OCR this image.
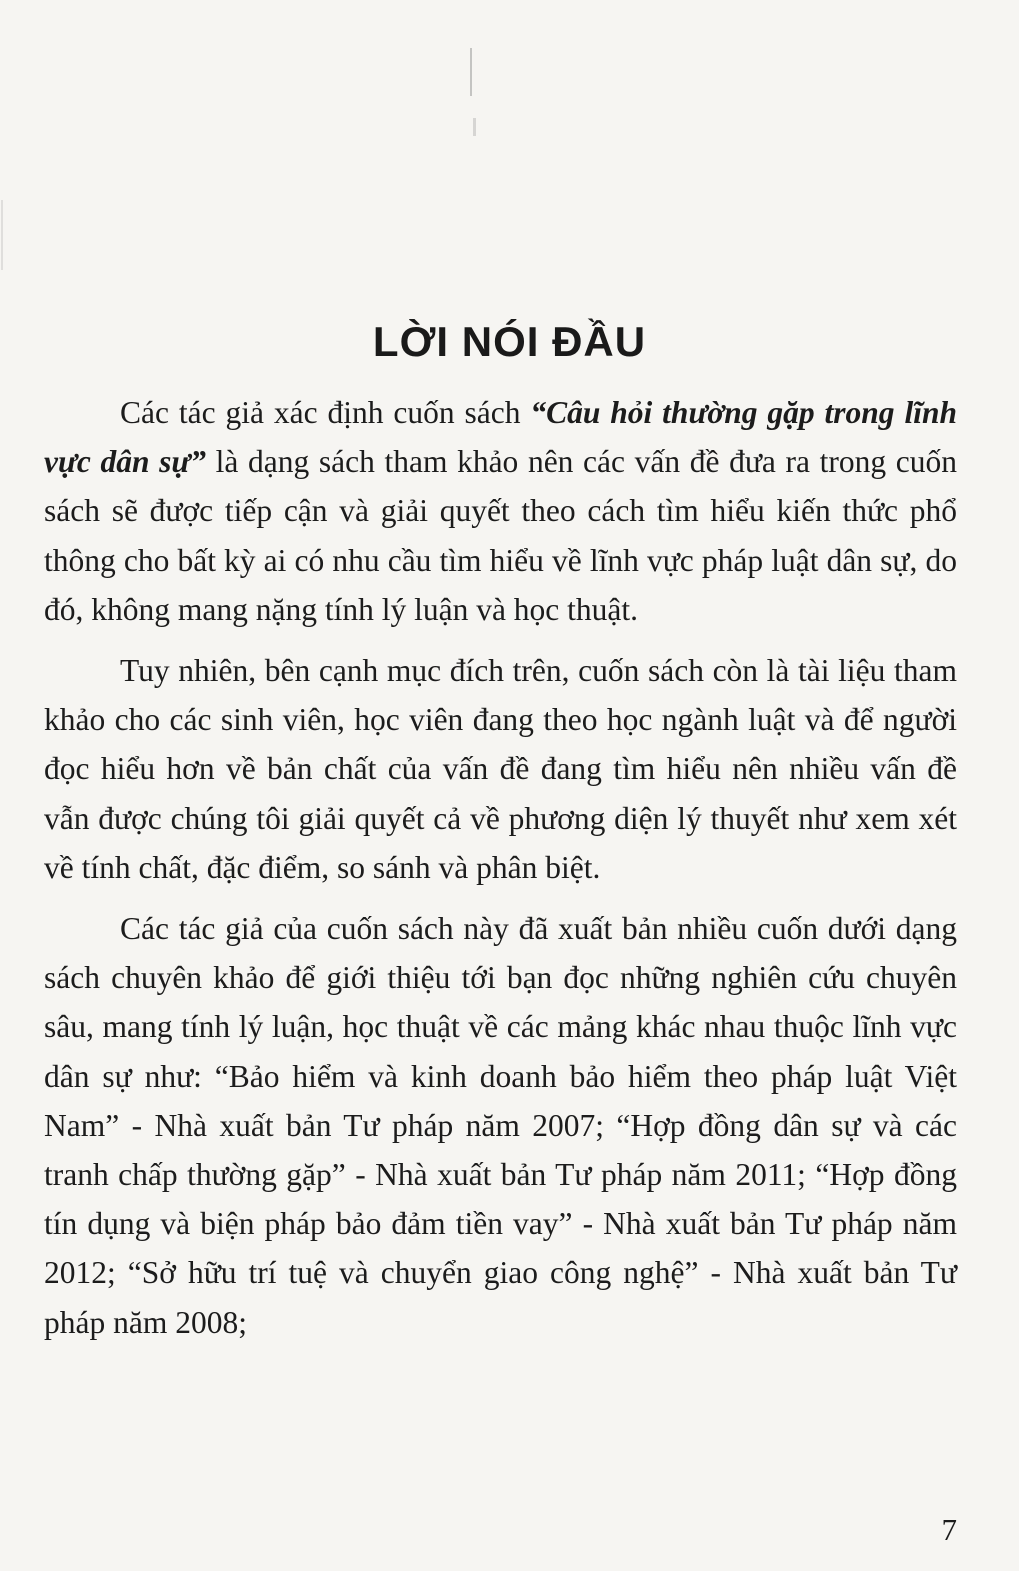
LỜI NÓI ĐẦU

Các tác giả xác định cuốn sách “Câu hỏi thường gặp trong lĩnh vực dân sự” là dạng sách tham khảo nên các vấn đề đưa ra trong cuốn sách sẽ được tiếp cận và giải quyết theo cách tìm hiểu kiến thức phổ thông cho bất kỳ ai có nhu cầu tìm hiểu về lĩnh vực pháp luật dân sự, do đó, không mang nặng tính lý luận và học thuật.

Tuy nhiên, bên cạnh mục đích trên, cuốn sách còn là tài liệu tham khảo cho các sinh viên, học viên đang theo học ngành luật và để người đọc hiểu hơn về bản chất của vấn đề đang tìm hiểu nên nhiều vấn đề vẫn được chúng tôi giải quyết cả về phương diện lý thuyết như xem xét về tính chất, đặc điểm, so sánh và phân biệt.

Các tác giả của cuốn sách này đã xuất bản nhiều cuốn dưới dạng sách chuyên khảo để giới thiệu tới bạn đọc những nghiên cứu chuyên sâu, mang tính lý luận, học thuật về các mảng khác nhau thuộc lĩnh vực dân sự như: “Bảo hiểm và kinh doanh bảo hiểm theo pháp luật Việt Nam” - Nhà xuất bản Tư pháp năm 2007; “Hợp đồng dân sự và các tranh chấp thường gặp” - Nhà xuất bản Tư pháp năm 2011; “Hợp đồng tín dụng và biện pháp bảo đảm tiền vay” - Nhà xuất bản Tư pháp năm 2012; “Sở hữu trí tuệ và chuyển giao công nghệ” - Nhà xuất bản Tư pháp năm 2008;

7
